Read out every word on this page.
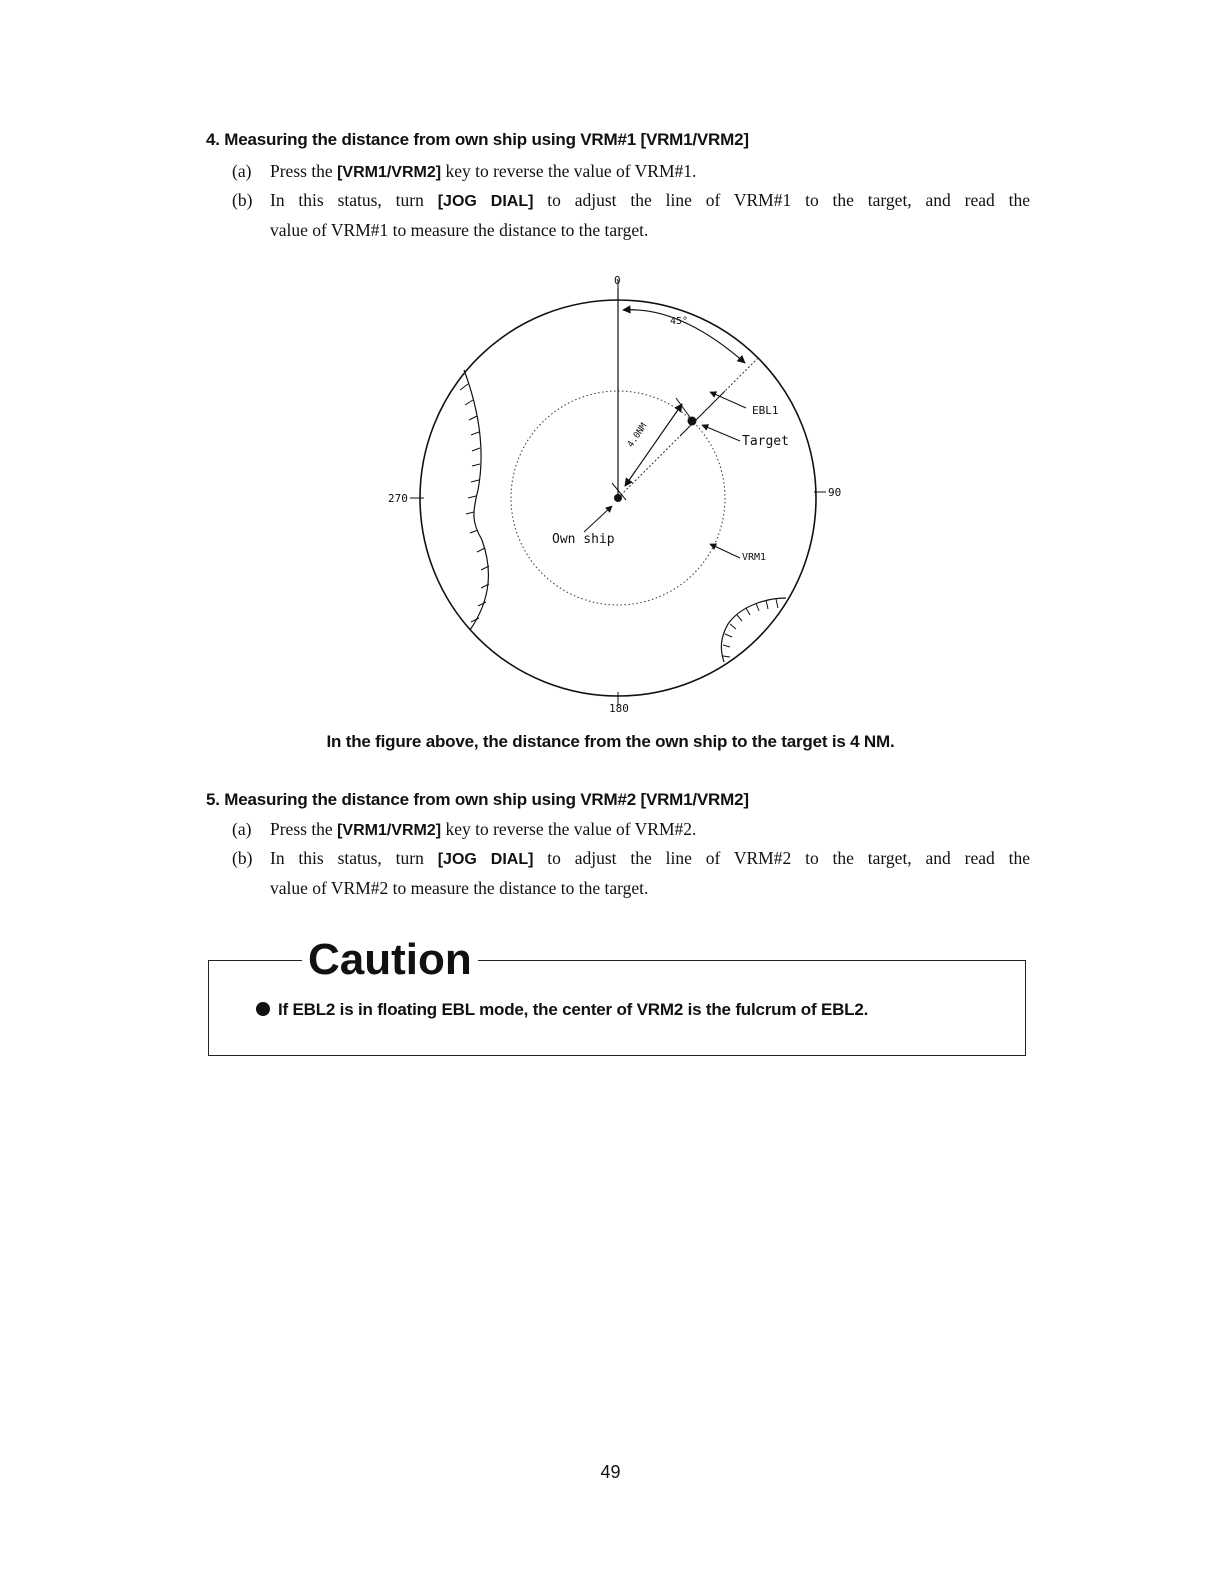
4. Measuring the distance from own ship using VRM#1 [VRM1/VRM2]
(a) Press the [VRM1/VRM2] key to reverse the value of VRM#1.
(b) In this status, turn [JOG DIAL] to adjust the line of VRM#1 to the target, and read the
value of VRM#1 to measure the distance to the target.
0
90
180
270
45°
EBL1
Target
4.0NM
Own ship
VRM1
In the figure above, the distance from the own ship to the target is 4 NM.
5. Measuring the distance from own ship using VRM#2 [VRM1/VRM2]
(a) Press the [VRM1/VRM2] key to reverse the value of VRM#2.
(b) In this status, turn [JOG DIAL] to adjust the line of VRM#2 to the target, and read the
value of VRM#2 to measure the distance to the target.
Caution
If EBL2 is in floating EBL mode, the center of VRM2 is the fulcrum of EBL2.
49
